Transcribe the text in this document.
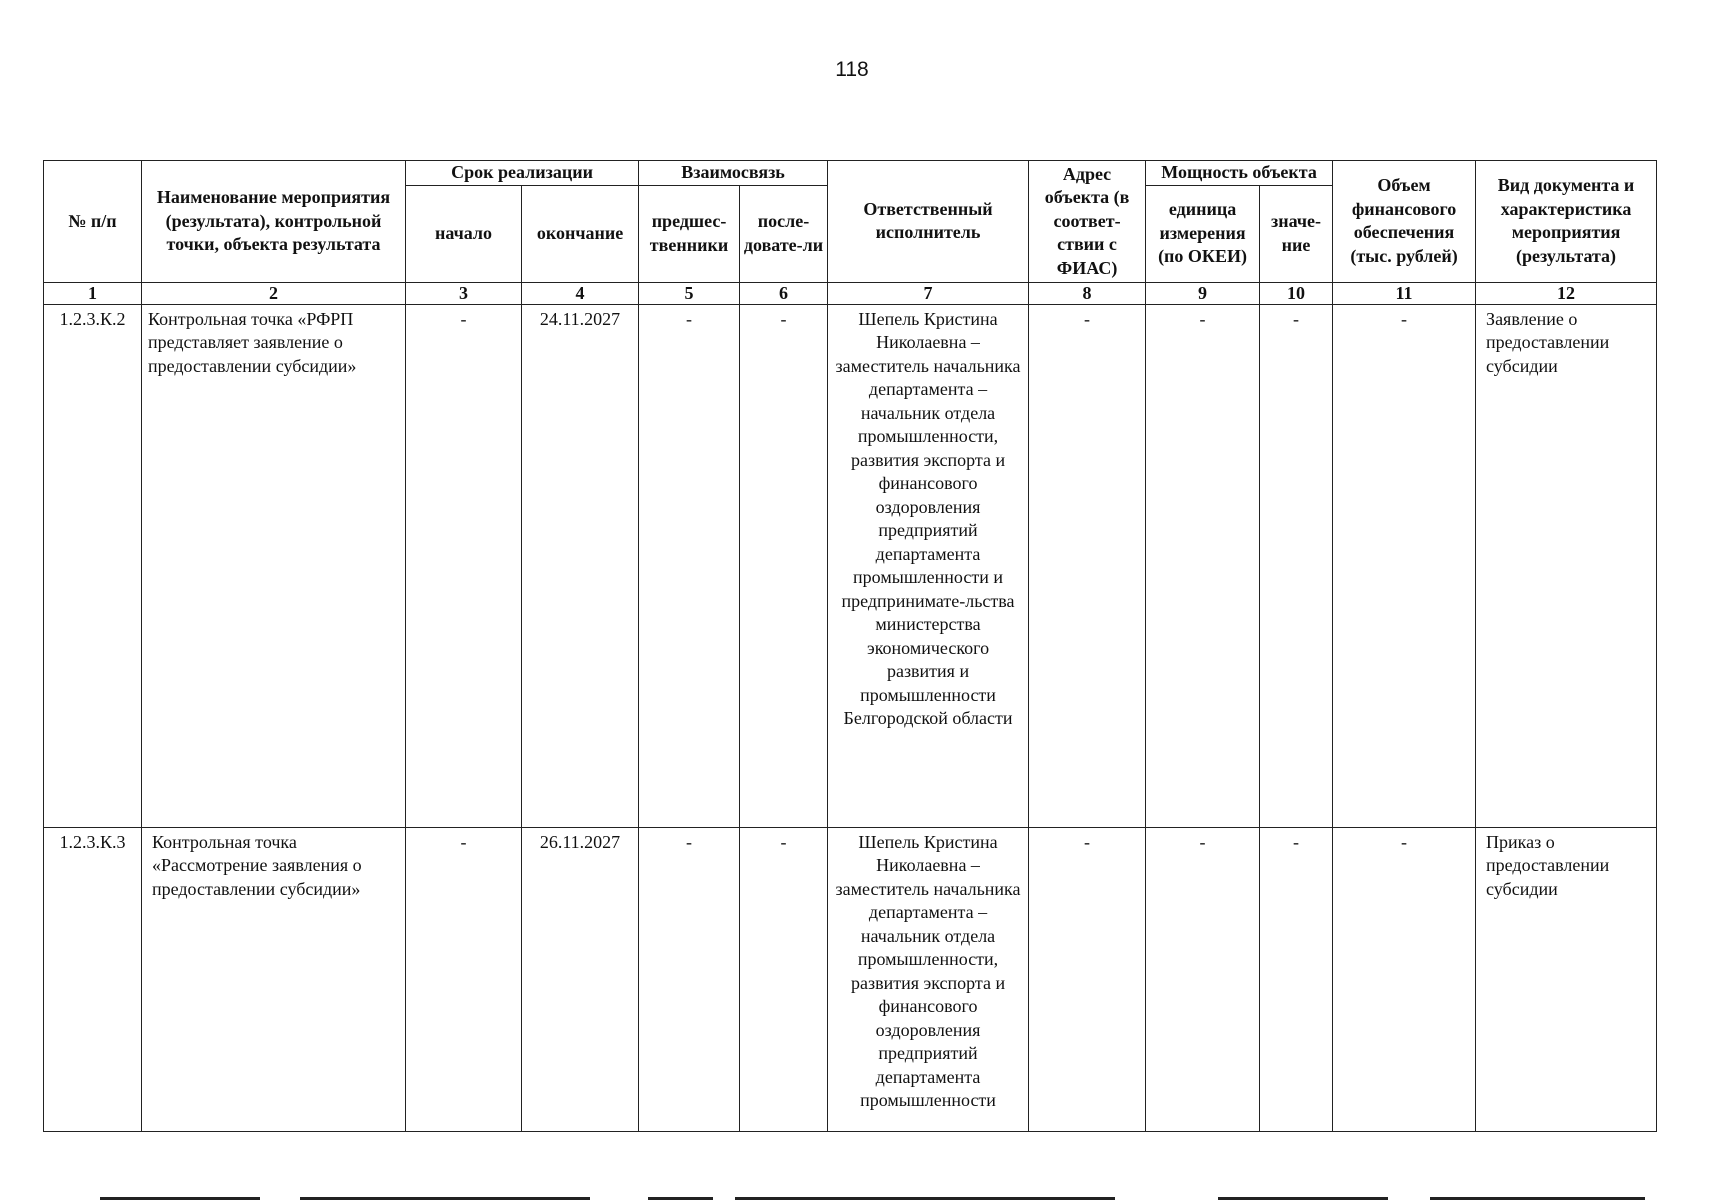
118
№ п/п	Наименование мероприятия (результата), контрольной точки, объекта результата	Срок реализации		Взаимосвязь		Ответственный исполнитель	Адрес объекта (в соответ-ствии с ФИАС)	Мощность объекта		Объем финансового обеспечения (тыс. рублей)	Вид документа и характеристика мероприятия (результата)
		начало	окончание	предшес-твенники	после-довате-ли			единица измерения (по ОКЕИ)	значе-ние		
1	2	3	4	5	6	7	8	9	10	11	12
1.2.3.К.2	Контрольная точка «РФРП представляет заявление о предоставлении субсидии»	-	24.11.2027	-	-	Шепель Кристина Николаевна – заместитель начальника департамента – начальник отдела промышленности, развития экспорта и финансового оздоровления предприятий департамента промышленности и предпринимате-льства министерства экономического развития и промышленности Белгородской области	-	-	-	-	Заявление о предоставлении субсидии
1.2.3.К.3	Контрольная точка «Рассмотрение заявления о предоставлении субсидии»	-	26.11.2027	-	-	Шепель Кристина Николаевна – заместитель начальника департамента – начальник отдела промышленности, развития экспорта и финансового оздоровления предприятий департамента промышленности	-	-	-	-	Приказ о предоставлении субсидии
